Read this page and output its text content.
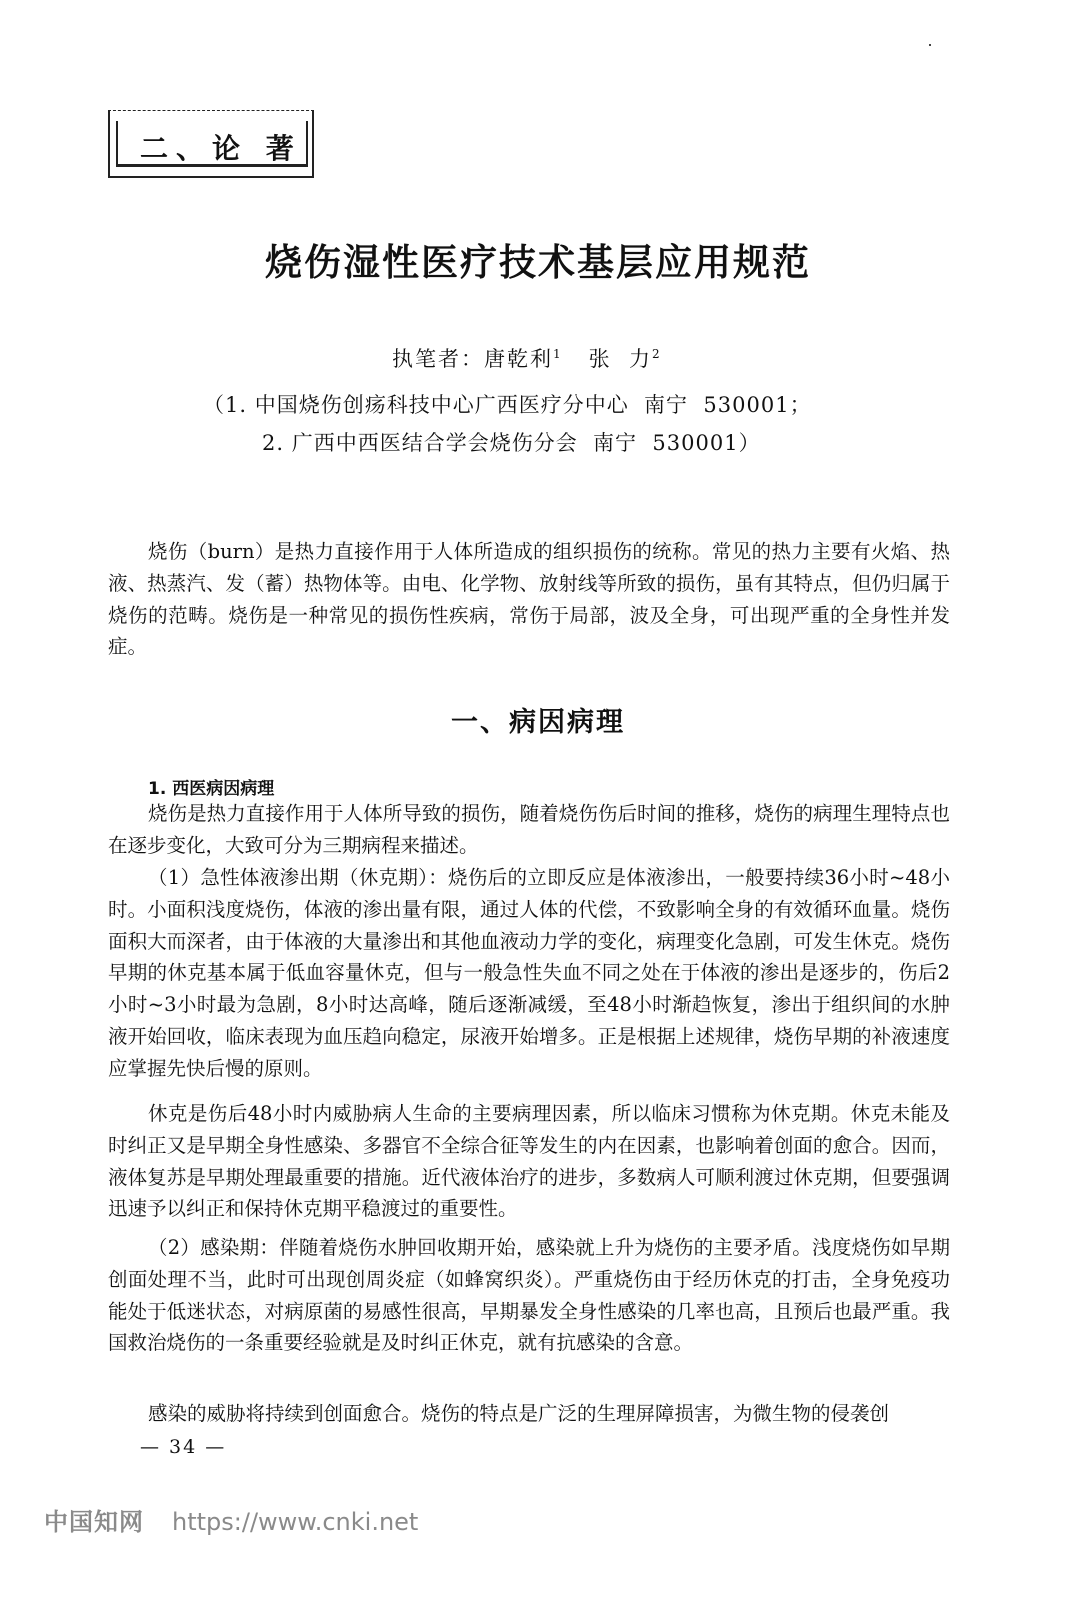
二、论 著
烧伤湿性医疗技术基层应用规范
执笔者：唐乾利$^1$ 张  力$^2$
（1. 中国烧伤创疡科技中心广西医疗分中心  南宁  530001；
2. 广西中西医结合学会烧伤分会  南宁  530001）
烧伤（burn）是热力直接作用于人体所造成的组织损伤的统称。常见的热力主要有火焰、热液、热蒸汽、发（蓄）热物体等。由电、化学物、放射线等所致的损伤，虽有其特点，但仍归属于烧伤的范畴。烧伤是一种常见的损伤性疾病，常伤于局部，波及全身，可出现严重的全身性并发症。
一、病因病理
1. 西医病因病理
烧伤是热力直接作用于人体所导致的损伤，随着烧伤伤后时间的推移，烧伤的病理生理特点也在逐步变化，大致可分为三期病程来描述。
（1）急性体液渗出期（休克期）：烧伤后的立即反应是体液渗出，一般要持续36小时~48小时。小面积浅度烧伤，体液的渗出量有限，通过人体的代偿，不致影响全身的有效循环血量。烧伤面积大而深者，由于体液的大量渗出和其他血液动力学的变化，病理变化急剧，可发生休克。烧伤早期的休克基本属于低血容量休克，但与一般急性失血不同之处在于体液的渗出是逐步的，伤后2小时~3小时最为急剧，8小时达高峰，随后逐渐减缓，至48小时渐趋恢复，渗出于组织间的水肿液开始回收，临床表现为血压趋向稳定，尿液开始增多。正是根据上述规律，烧伤早期的补液速度应掌握先快后慢的原则。
休克是伤后48小时内威胁病人生命的主要病理因素，所以临床习惯称为休克期。休克未能及时纠正又是早期全身性感染、多器官不全综合征等发生的内在因素，也影响着创面的愈合。因而，液体复苏是早期处理最重要的措施。近代液体治疗的进步，多数病人可顺利渡过休克期，但要强调迅速予以纠正和保持休克期平稳渡过的重要性。
（2）感染期：伴随着烧伤水肿回收期开始，感染就上升为烧伤的主要矛盾。浅度烧伤如早期创面处理不当，此时可出现创周炎症（如蜂窝织炎）。严重烧伤由于经历休克的打击，全身免疫功能处于低迷状态，对病原菌的易感性很高，早期暴发全身性感染的几率也高，且预后也最严重。我国救治烧伤的一条重要经验就是及时纠正休克，就有抗感染的含意。
感染的威胁将持续到创面愈合。烧伤的特点是广泛的生理屏障损害，为微生物的侵袭创
— 34 —
中国知网 https://www.cnki.net
